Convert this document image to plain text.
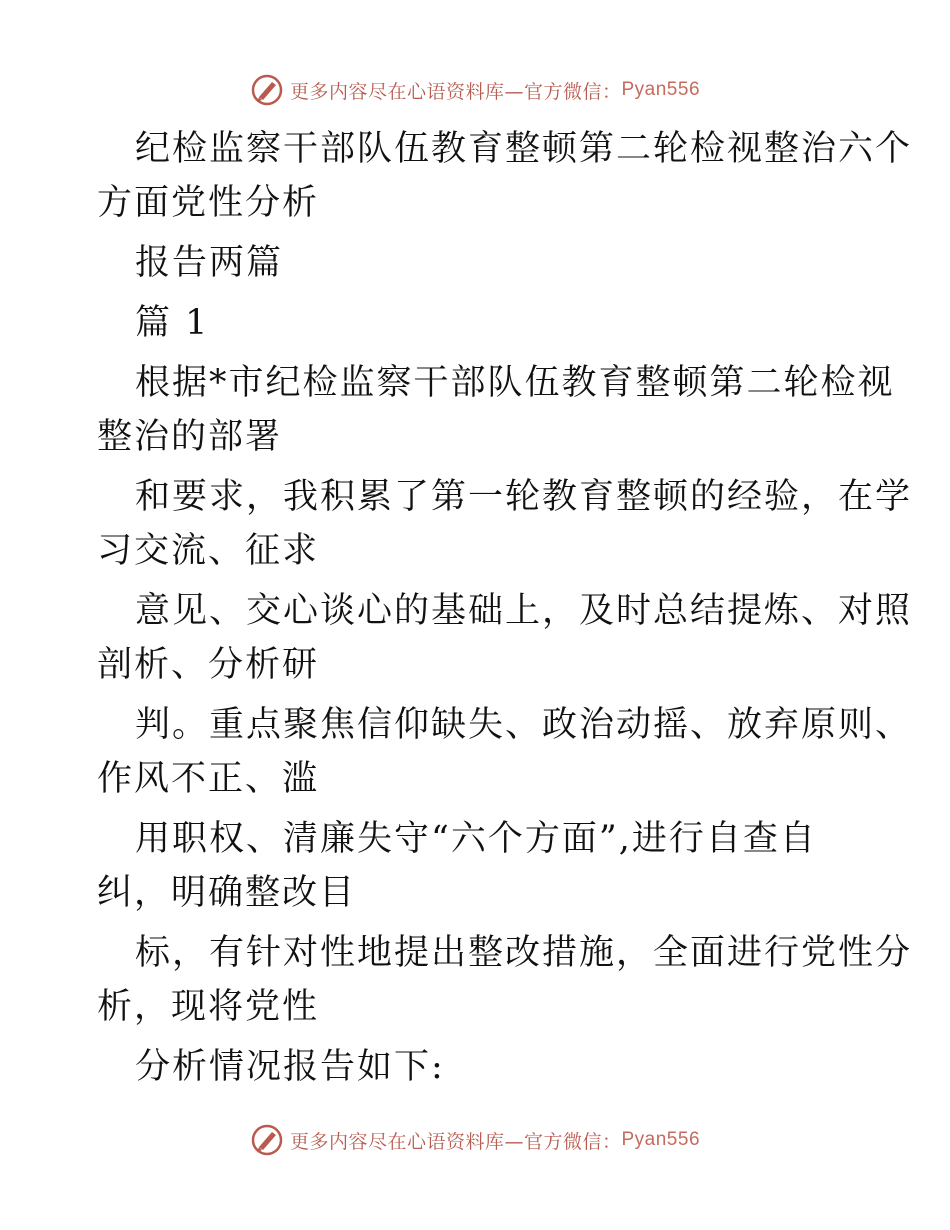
更多内容尽在心语资料库—官方微信： Pyan556
纪检监察干部队伍教育整顿第二轮检视整治六个
方面党性分析
报告两篇
篇 1
根据*市纪检监察干部队伍教育整顿第二轮检视
整治的部署
和要求，我积累了第一轮教育整顿的经验，在学
习交流、征求
意见、交心谈心的基础上，及时总结提炼、对照
剖析、分析研
判。重点聚焦信仰缺失、政治动摇、放弃原则、
作风不正、滥
用职权、清廉失守“六个方面”,进行自查自
纠，明确整改目
标，有针对性地提出整改措施，全面进行党性分
析，现将党性
分析情况报告如下:
更多内容尽在心语资料库—官方微信： Pyan556
